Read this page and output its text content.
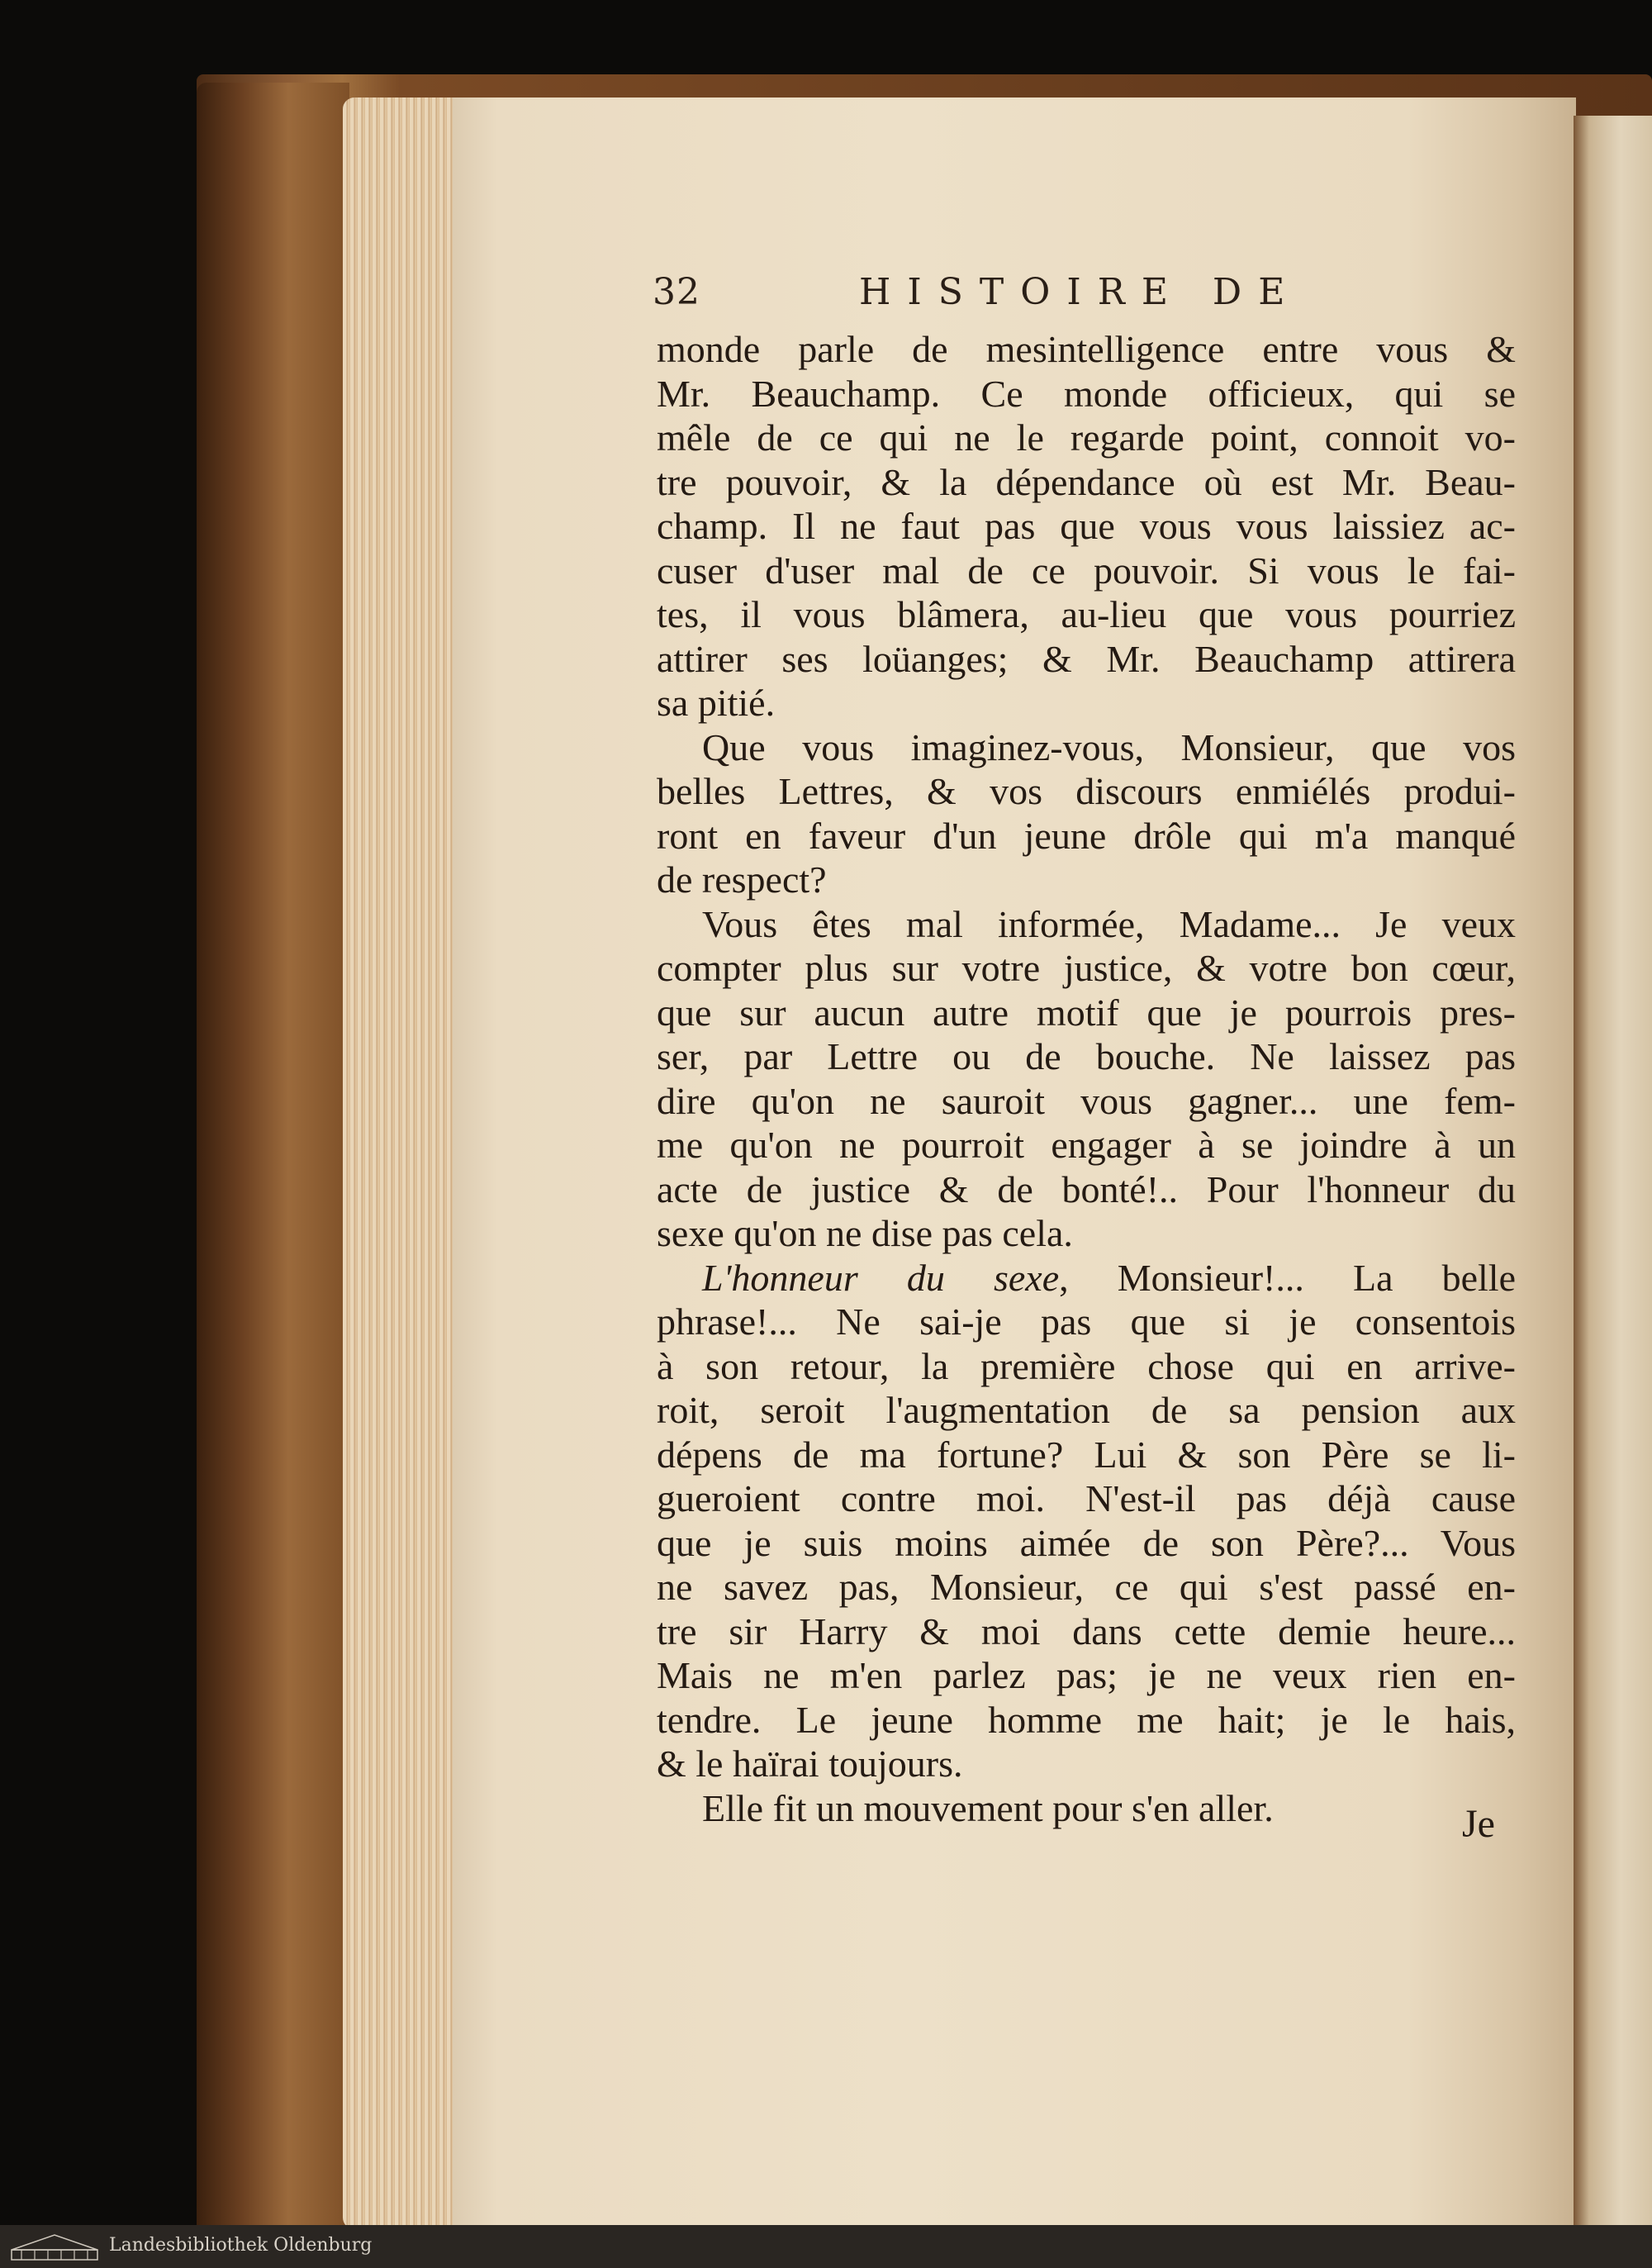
32	HISTOIRE DE
monde parle de mesintelligence entre vous &
Mr. Beauchamp. Ce monde officieux, qui se
mêle de ce qui ne le regarde point, connoit vo-
tre pouvoir, & la dépendance où est Mr. Beau-
champ. Il ne faut pas que vous vous laissiez ac-
cuser d'user mal de ce pouvoir. Si vous le fai-
tes, il vous blâmera, au-lieu que vous pourriez
attirer ses loüanges; & Mr. Beauchamp attirera
sa pitié.
Que vous imaginez-vous, Monsieur, que vos
belles Lettres, & vos discours enmiélés produi-
ront en faveur d'un jeune drôle qui m'a manqué
de respect?
Vous êtes mal informée, Madame... Je veux
compter plus sur votre justice, & votre bon cœur,
que sur aucun autre motif que je pourrois pres-
ser, par Lettre ou de bouche. Ne laissez pas
dire qu'on ne sauroit vous gagner... une fem-
me qu'on ne pourroit engager à se joindre à un
acte de justice & de bonté!.. Pour l'honneur du
sexe qu'on ne dise pas cela.
L'honneur du sexe, Monsieur!... La belle
phrase!... Ne sai-je pas que si je consentois
à son retour, la première chose qui en arrive-
roit, seroit l'augmentation de sa pension aux
dépens de ma fortune? Lui & son Père se li-
gueroient contre moi. N'est-il pas déjà cause
que je suis moins aimée de son Père?... Vous
ne savez pas, Monsieur, ce qui s'est passé en-
tre sir Harry & moi dans cette demie heure...
Mais ne m'en parlez pas; je ne veux rien en-
tendre. Le jeune homme me hait; je le hais,
& le haïrai toujours.
Elle fit un mouvement pour s'en aller.	Je
Landesbibliothek Oldenburg
